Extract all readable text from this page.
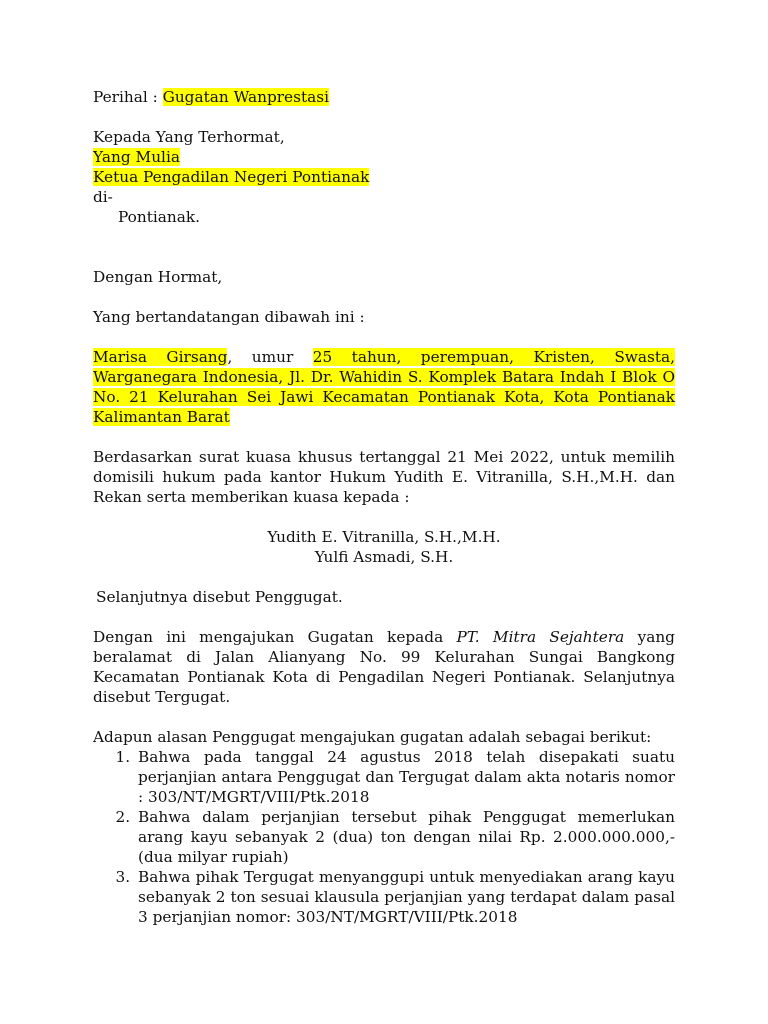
Perihal : Gugatan Wanprestasi

Kepada Yang Terhormat,

Yang Mulia

Ketua Pengadilan Negeri Pontianak

di-

Pontianak.

Dengan Hormat,

Yang bertandatangan dibawah ini :

Marisa Girsang, umur 25 tahun, perempuan, Kristen, Swasta, Warganegara Indonesia, Jl. Dr. Wahidin S. Komplek Batara Indah I Blok O No. 21 Kelurahan Sei Jawi Kecamatan Pontianak Kota, Kota Pontianak Kalimantan Barat

Berdasarkan surat kuasa khusus tertanggal 21 Mei 2022, untuk memilih domisili hukum pada kantor Hukum Yudith E. Vitranilla, S.H.,M.H. dan Rekan serta memberikan kuasa kepada :

Yudith E. Vitranilla, S.H.,M.H.

Yulfi Asmadi, S.H.

Selanjutnya disebut Penggugat.

Dengan ini mengajukan Gugatan kepada PT. Mitra Sejahtera yang beralamat di Jalan Alianyang No. 99 Kelurahan Sungai Bangkong Kecamatan Pontianak Kota di Pengadilan Negeri Pontianak. Selanjutnya disebut Tergugat.

Adapun alasan Penggugat mengajukan gugatan adalah sebagai berikut:

1. Bahwa pada tanggal 24 agustus 2018 telah disepakati suatu perjanjian antara Penggugat dan Tergugat dalam akta notaris nomor : 303/NT/MGRT/VIII/Ptk.2018
2. Bahwa dalam perjanjian tersebut pihak Penggugat memerlukan arang kayu sebanyak 2 (dua) ton dengan nilai Rp. 2.000.000.000,- (dua milyar rupiah)
3. Bahwa pihak Tergugat menyanggupi untuk menyediakan arang kayu sebanyak 2 ton sesuai klausula perjanjian yang terdapat dalam pasal 3 perjanjian nomor: 303/NT/MGRT/VIII/Ptk.2018
